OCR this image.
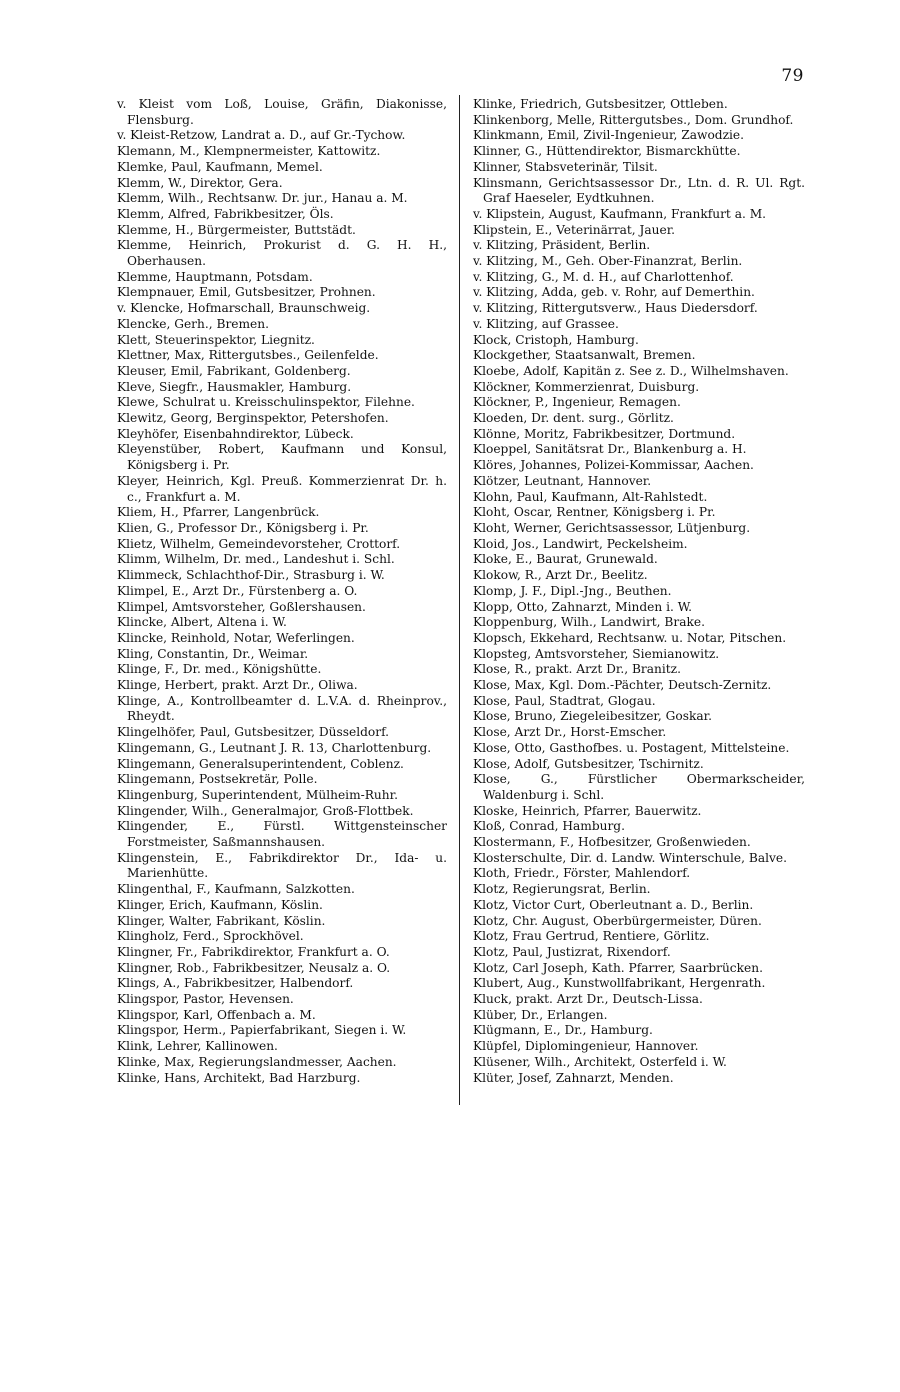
79
v. Kleist vom Loß, Louise, Gräfin, Diakonisse, Flensburg.
v. Kleist-Retzow, Landrat a. D., auf Gr.-Tychow.
Klemann, M., Klempnermeister, Kattowitz.
Klemke, Paul, Kaufmann, Memel.
Klemm, W., Direktor, Gera.
Klemm, Wilh., Rechtsanw. Dr. jur., Hanau a. M.
Klemm, Alfred, Fabrikbesitzer, Öls.
Klemme, H., Bürgermeister, Buttstädt.
Klemme, Heinrich, Prokurist d. G. H. H., Oberhausen.
Klemme, Hauptmann, Potsdam.
Klempnauer, Emil, Gutsbesitzer, Prohnen.
v. Klencke, Hofmarschall, Braunschweig.
Klencke, Gerh., Bremen.
Klett, Steuerinspektor, Liegnitz.
Klettner, Max, Rittergutsbes., Geilenfelde.
Kleuser, Emil, Fabrikant, Goldenberg.
Kleve, Siegfr., Hausmakler, Hamburg.
Klewe, Schulrat u. Kreisschulinspektor, Filehne.
Klewitz, Georg, Berginspektor, Petershofen.
Kleyhöfer, Eisenbahndirektor, Lübeck.
Kleyenstüber, Robert, Kaufmann und Konsul, Königsberg i. Pr.
Kleyer, Heinrich, Kgl. Preuß. Kommerzienrat Dr. h. c., Frankfurt a. M.
Kliem, H., Pfarrer, Langenbrück.
Klien, G., Professor Dr., Königsberg i. Pr.
Klietz, Wilhelm, Gemeindevorsteher, Crottorf.
Klimm, Wilhelm, Dr. med., Landeshut i. Schl.
Klimmeck, Schlachthof-Dir., Strasburg i. W.
Klimpel, E., Arzt Dr., Fürstenberg a. O.
Klimpel, Amtsvorsteher, Goßlershausen.
Klincke, Albert, Altena i. W.
Klincke, Reinhold, Notar, Weferlingen.
Kling, Constantin, Dr., Weimar.
Klinge, F., Dr. med., Königshütte.
Klinge, Herbert, prakt. Arzt Dr., Oliwa.
Klinge, A., Kontrollbeamter d. L.V.A. d. Rheinprov., Rheydt.
Klingelhöfer, Paul, Gutsbesitzer, Düsseldorf.
Klingemann, G., Leutnant J. R. 13, Charlottenburg.
Klingemann, Generalsuperintendent, Coblenz.
Klingemann, Postsekretär, Polle.
Klingenburg, Superintendent, Mülheim-Ruhr.
Klingender, Wilh., Generalmajor, Groß-Flottbek.
Klingender, E., Fürstl. Wittgensteinscher Forstmeister, Saßmannshausen.
Klingenstein, E., Fabrikdirektor Dr., Ida- u. Marienhütte.
Klingenthal, F., Kaufmann, Salzkotten.
Klinger, Erich, Kaufmann, Köslin.
Klinger, Walter, Fabrikant, Köslin.
Klingholz, Ferd., Sprockhövel.
Klingner, Fr., Fabrikdirektor, Frankfurt a. O.
Klingner, Rob., Fabrikbesitzer, Neusalz a. O.
Klings, A., Fabrikbesitzer, Halbendorf.
Klingspor, Pastor, Hevensen.
Klingspor, Karl, Offenbach a. M.
Klingspor, Herm., Papierfabrikant, Siegen i. W.
Klink, Lehrer, Kallinowen.
Klinke, Max, Regierungslandmesser, Aachen.
Klinke, Hans, Architekt, Bad Harzburg.
Klinke, Friedrich, Gutsbesitzer, Ottleben.
Klinkenborg, Melle, Rittergutsbes., Dom. Grundhof.
Klinkmann, Emil, Zivil-Ingenieur, Zawodzie.
Klinner, G., Hüttendirektor, Bismarckhütte.
Klinner, Stabsveterinär, Tilsit.
Klinsmann, Gerichtsassessor Dr., Ltn. d. R. Ul. Rgt. Graf Haeseler, Eydtkuhnen.
v. Klipstein, August, Kaufmann, Frankfurt a. M.
Klipstein, E., Veterinärrat, Jauer.
v. Klitzing, Präsident, Berlin.
v. Klitzing, M., Geh. Ober-Finanzrat, Berlin.
v. Klitzing, G., M. d. H., auf Charlottenhof.
v. Klitzing, Adda, geb. v. Rohr, auf Demerthin.
v. Klitzing, Rittergutsverw., Haus Diedersdorf.
v. Klitzing, auf Grassee.
Klock, Cristoph, Hamburg.
Klockgether, Staatsanwalt, Bremen.
Kloebe, Adolf, Kapitän z. See z. D., Wilhelmshaven.
Klöckner, Kommerzienrat, Duisburg.
Klöckner, P., Ingenieur, Remagen.
Kloeden, Dr. dent. surg., Görlitz.
Klönne, Moritz, Fabrikbesitzer, Dortmund.
Kloeppel, Sanitätsrat Dr., Blankenburg a. H.
Klöres, Johannes, Polizei-Kommissar, Aachen.
Klötzer, Leutnant, Hannover.
Klohn, Paul, Kaufmann, Alt-Rahlstedt.
Kloht, Oscar, Rentner, Königsberg i. Pr.
Kloht, Werner, Gerichtsassessor, Lütjenburg.
Kloid, Jos., Landwirt, Peckelsheim.
Kloke, E., Baurat, Grunewald.
Klokow, R., Arzt Dr., Beelitz.
Klomp, J. F., Dipl.-Jng., Beuthen.
Klopp, Otto, Zahnarzt, Minden i. W.
Kloppenburg, Wilh., Landwirt, Brake.
Klopsch, Ekkehard, Rechtsanw. u. Notar, Pitschen.
Klopsteg, Amtsvorsteher, Siemianowitz.
Klose, R., prakt. Arzt Dr., Branitz.
Klose, Max, Kgl. Dom.-Pächter, Deutsch-Zernitz.
Klose, Paul, Stadtrat, Glogau.
Klose, Bruno, Ziegeleibesitzer, Goskar.
Klose, Arzt Dr., Horst-Emscher.
Klose, Otto, Gasthofbes. u. Postagent, Mittelsteine.
Klose, Adolf, Gutsbesitzer, Tschirnitz.
Klose, G., Fürstlicher Obermarkscheider, Waldenburg i. Schl.
Kloske, Heinrich, Pfarrer, Bauerwitz.
Kloß, Conrad, Hamburg.
Klostermann, F., Hofbesitzer, Großenwieden.
Klosterschulte, Dir. d. Landw. Winterschule, Balve.
Kloth, Friedr., Förster, Mahlendorf.
Klotz, Regierungsrat, Berlin.
Klotz, Victor Curt, Oberleutnant a. D., Berlin.
Klotz, Chr. August, Oberbürgermeister, Düren.
Klotz, Frau Gertrud, Rentiere, Görlitz.
Klotz, Paul, Justizrat, Rixendorf.
Klotz, Carl Joseph, Kath. Pfarrer, Saarbrücken.
Klubert, Aug., Kunstwollfabrikant, Hergenrath.
Kluck, prakt. Arzt Dr., Deutsch-Lissa.
Klüber, Dr., Erlangen.
Klügmann, E., Dr., Hamburg.
Klüpfel, Diplomingenieur, Hannover.
Klüsener, Wilh., Architekt, Osterfeld i. W.
Klüter, Josef, Zahnarzt, Menden.
